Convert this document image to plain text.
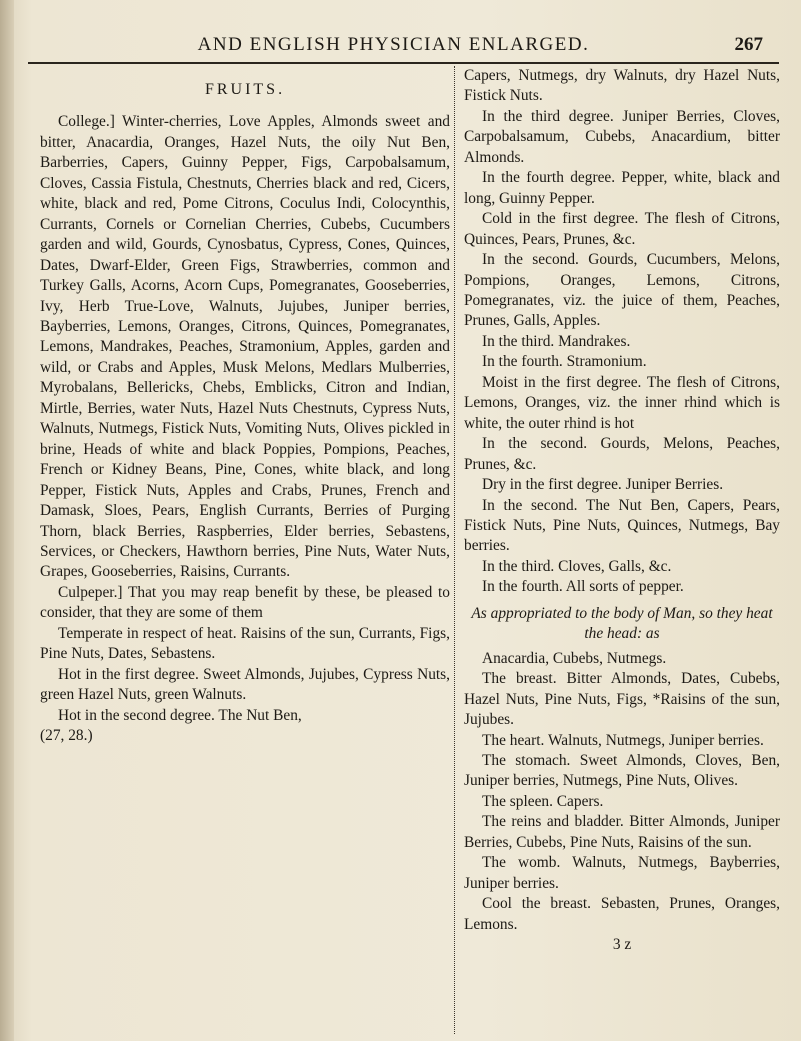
AND ENGLISH PHYSICIAN ENLARGED.	267
FRUITS.

College.] Winter-cherries, Love Apples, Almonds sweet and bitter, Anacardia, Oranges, Hazel Nuts, the oily Nut Ben, Barberries, Capers, Guinny Pepper, Figs, Carpobalsamum, Cloves, Cassia Fistula, Chestnuts, Cherries black and red, Cicers, white, black and red, Pome Citrons, Coculus Indi, Colocynthis, Currants, Cornels or Cornelian Cherries, Cubebs, Cucumbers garden and wild, Gourds, Cynosbatus, Cypress, Cones, Quinces, Dates, Dwarf-Elder, Green Figs, Strawberries, common and Turkey Galls, Acorns, Acorn Cups, Pomegranates, Gooseberries, Ivy, Herb True-Love, Walnuts, Jujubes, Juniper berries, Bayberries, Lemons, Oranges, Citrons, Quinces, Pomegranates, Lemons, Mandrakes, Peaches, Stramonium, Apples, garden and wild, or Crabs and Apples, Musk Melons, Medlars Mulberries, Myrobalans, Bellericks, Chebs, Emblicks, Citron and Indian, Mirtle, Berries, water Nuts, Hazel Nuts Chestnuts, Cypress Nuts, Walnuts, Nutmegs, Fistick Nuts, Vomiting Nuts, Olives pickled in brine, Heads of white and black Poppies, Pompions, Peaches, French or Kidney Beans, Pine, Cones, white black, and long Pepper, Fistick Nuts, Apples and Crabs, Prunes, French and Damask, Sloes, Pears, English Currants, Berries of Purging Thorn, black Berries, Raspberries, Elder berries, Sebastens, Services, or Checkers, Hawthorn berries, Pine Nuts, Water Nuts, Grapes, Gooseberries, Raisins, Currants.

Culpeper.] That you may reap benefit by these, be pleased to consider, that they are some of them

Temperate in respect of heat. Raisins of the sun, Currants, Figs, Pine Nuts, Dates, Sebastens.

Hot in the first degree. Sweet Almonds, Jujubes, Cypress Nuts, green Hazel Nuts, green Walnuts.

Hot in the second degree. The Nut Ben,

(27, 28.)

Capers, Nutmegs, dry Walnuts, dry Hazel Nuts, Fistick Nuts.

In the third degree. Juniper Berries, Cloves, Carpobalsamum, Cubebs, Anacardium, bitter Almonds.

In the fourth degree. Pepper, white, black and long, Guinny Pepper.

Cold in the first degree. The flesh of Citrons, Quinces, Pears, Prunes, &c.

In the second. Gourds, Cucumbers, Melons, Pompions, Oranges, Lemons, Citrons, Pomegranates, viz. the juice of them, Peaches, Prunes, Galls, Apples.

In the third. Mandrakes.

In the fourth. Stramonium.

Moist in the first degree. The flesh of Citrons, Lemons, Oranges, viz. the inner rhind which is white, the outer rhind is hot

In the second. Gourds, Melons, Peaches, Prunes, &c.

Dry in the first degree. Juniper Berries.

In the second. The Nut Ben, Capers, Pears, Fistick Nuts, Pine Nuts, Quinces, Nutmegs, Bay berries.

In the third. Cloves, Galls, &c.

In the fourth. All sorts of pepper.

As appropriated to the body of Man, so they heat the head: as

Anacardia, Cubebs, Nutmegs.

The breast. Bitter Almonds, Dates, Cubebs, Hazel Nuts, Pine Nuts, Figs, *Raisins of the sun, Jujubes.

The heart. Walnuts, Nutmegs, Juniper berries.

The stomach. Sweet Almonds, Cloves, Ben, Juniper berries, Nutmegs, Pine Nuts, Olives.

The spleen. Capers.

The reins and bladder. Bitter Almonds, Juniper Berries, Cubebs, Pine Nuts, Raisins of the sun.

The womb. Walnuts, Nutmegs, Bayberries, Juniper berries.

Cool the breast. Sebasten, Prunes, Oranges, Lemons.

3 z
